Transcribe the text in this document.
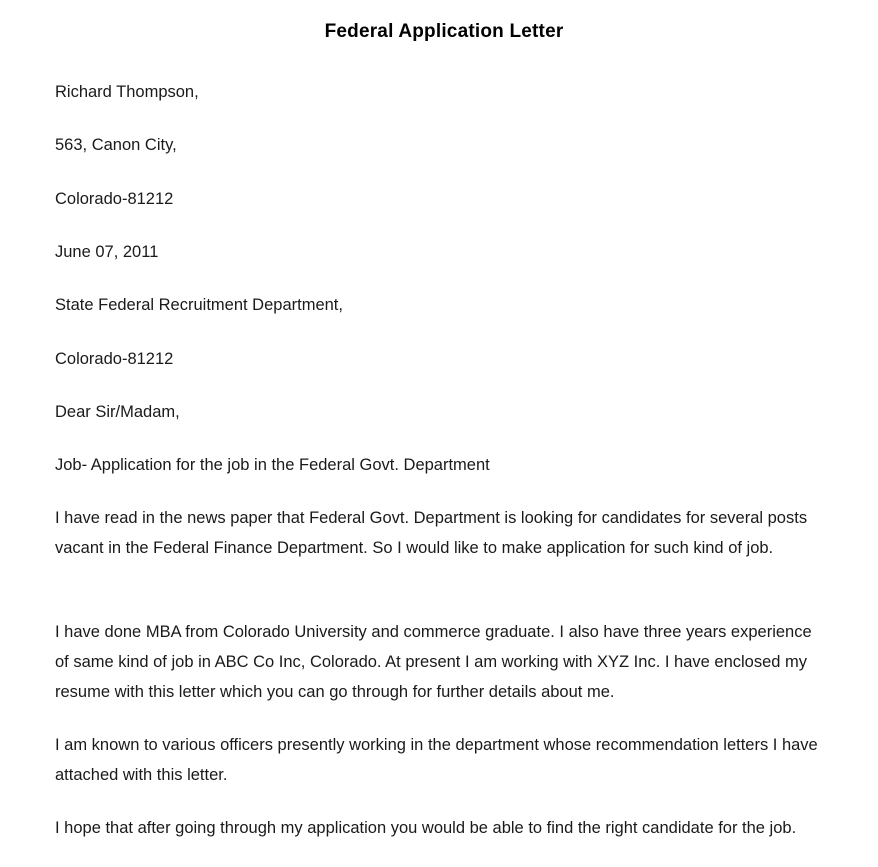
Federal Application Letter

Richard Thompson,

563, Canon City,

Colorado-81212

June 07, 2011

State Federal Recruitment Department,

Colorado-81212

Dear Sir/Madam,

Job- Application for the job in the Federal Govt. Department

I have read in the news paper that Federal Govt. Department is looking for candidates for several posts vacant in the Federal Finance Department. So I would like to make application for such kind of job.

I have done MBA from Colorado University and commerce graduate. I also have three years experience of same kind of job in ABC Co Inc, Colorado. At present I am working with XYZ Inc. I have enclosed my resume with this letter which you can go through for further details about me.

I am known to various officers presently working in the department whose recommendation letters I have attached with this letter.

I hope that after going through my application you would be able to find the right candidate for the job.
